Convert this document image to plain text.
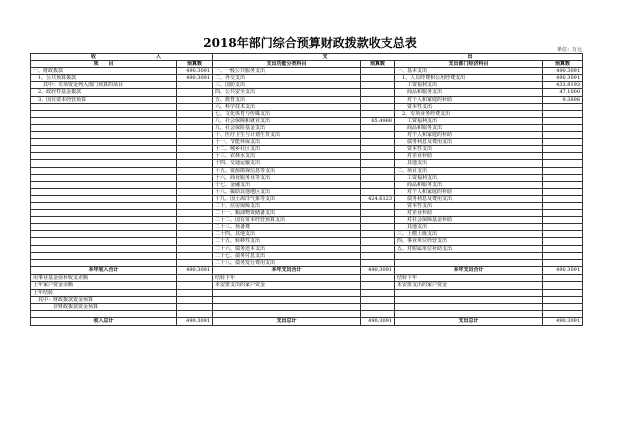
2018年部门综合预算财政拨款收支总表	单位：万元
收 入		支 出			
项　　目	预算数	支出功能分类科目	预算数	支出部门经济科目	预算数
一、财政拨款	490.3091	一、一般公共服务支出		一、基本支出	490.3091
　1、公共预算拨款	490.3091	二、外交支出		　1、人员经费和公用经费支出	490.3091
　　其中：专项资金列入部门预算的项目		三、国防支出		　　工资福利支出	433.8193
　2、政府性基金拨款		四、公共安全支出		　　商品和服务支出	47.1000
　3、国有资本经营预算		五、教育支出		　　对个人和家庭的补助	9.3898
		六、科学技术支出		　　资本性支出	
		七、文化体育与传媒支出		　2、专项业务经费支出	
		八、社会保障和就业支出	65.4968	　　工资福利支出	
		九、社会保险基金支出		　　商品和服务支出	
		十、医疗卫生与计划生育支出		　　对个人和家庭的补助	
		十一、节能环保支出		　　债务利息及费用支出	
		十二、城乡社区支出		　　资本性支出	
		十三、农林水支出		　　对企业补助	
		十四、交通运输支出		　　其他支出	
		十五、资源勘探信息等支出		二、项目支出	
		十六、商业服务业等支出		　　工资福利支出	
		十七、金融支出		　　商品和服务支出	
		十八、援助其他地区支出		　　对个人和家庭的补助	
		十九、国土海洋气象等支出	424.6123	　　债务利息及费用支出	
		二十、住房保障支出		　　资本性支出	
		二十一、粮油物资储备支出		　　对企业补助	
		二十二、国有资本经营预算支出		　　对社会保障基金补助	
		二十三、预备费		　　其他支出	
		二十四、其他支出		三、上缴上级支出	
		二十五、转移性支出		四、事业单位经营支出	
		二十六、债务还本支出		五、对附属单位补助支出	
		二十七、债务付息支出			
		二十八、债务发行费用支出			
本年收入合计	490.3091	本年支出合计	490.3091	本年支出合计	490.3091
用事业基金弥补收支差额		结转下年		结转下年	
上年家户资金余额		未安排支出的家户资金		未安排支出的家户资金	
上年结转					
　其中：财政拨款资金预算					
　　　　非财政拨款资金预算					

收入总计	490.3091	支出总计	490.3091	支出总计	490.3091
